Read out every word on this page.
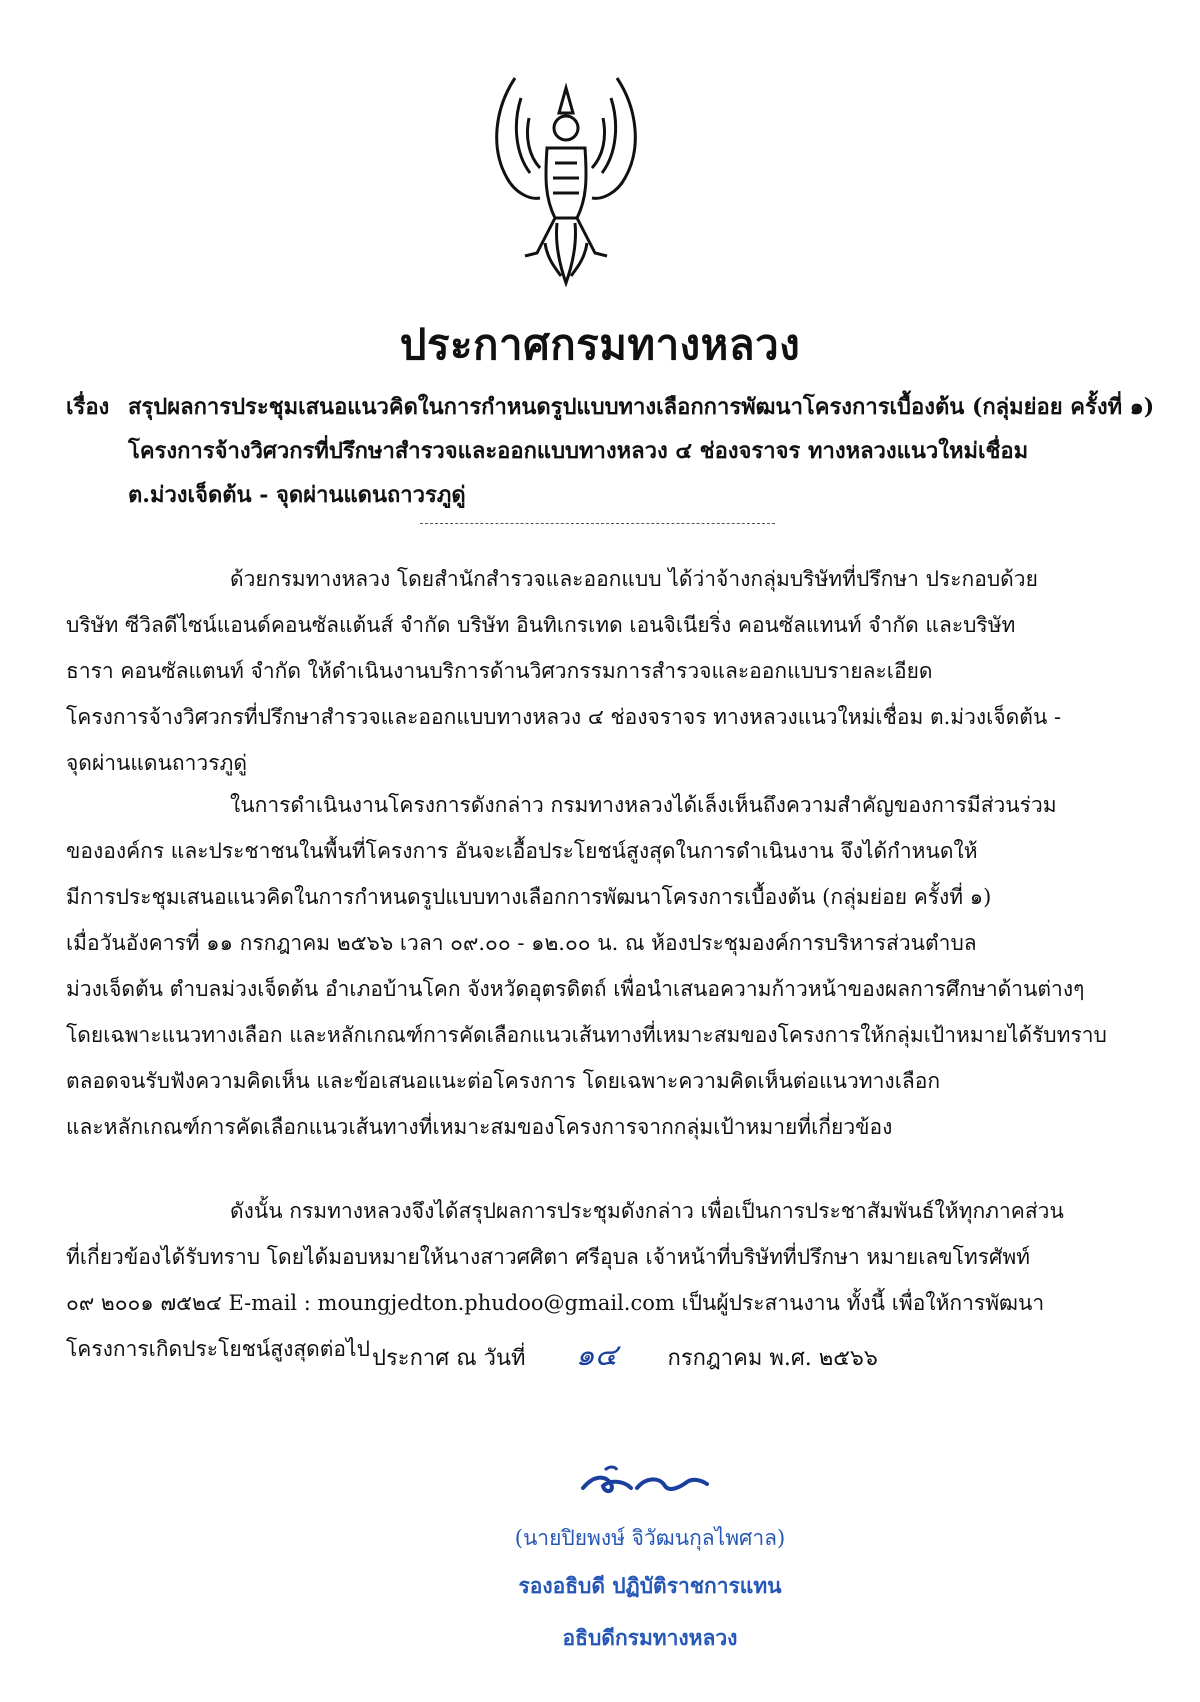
ประกาศกรมทางหลวง
เรื่อง สรุปผลการประชุมเสนอแนวคิดในการกำหนดรูปแบบทางเลือกการพัฒนาโครงการเบื้องต้น (กลุ่มย่อย ครั้งที่ ๑)
โครงการจ้างวิศวกรที่ปรึกษาสำรวจและออกแบบทางหลวง ๔ ช่องจราจร ทางหลวงแนวใหม่เชื่อม
ต.ม่วงเจ็ดต้น - จุดผ่านแดนถาวรภูดู่
ด้วยกรมทางหลวง โดยสำนักสำรวจและออกแบบ ได้ว่าจ้างกลุ่มบริษัทที่ปรึกษา ประกอบด้วย
บริษัท ซีวิลดีไซน์แอนด์คอนซัลแต้นส์ จำกัด บริษัท อินทิเกรเทด เอนจิเนียริ่ง คอนซัลแทนท์ จำกัด และบริษัท
ธารา คอนซัลแตนท์ จำกัด ให้ดำเนินงานบริการด้านวิศวกรรมการสำรวจและออกแบบรายละเอียด
โครงการจ้างวิศวกรที่ปรึกษาสำรวจและออกแบบทางหลวง ๔ ช่องจราจร ทางหลวงแนวใหม่เชื่อม ต.ม่วงเจ็ดต้น -
จุดผ่านแดนถาวรภูดู่
ในการดำเนินงานโครงการดังกล่าว กรมทางหลวงได้เล็งเห็นถึงความสำคัญของการมีส่วนร่วม
ขององค์กร และประชาชนในพื้นที่โครงการ อันจะเอื้อประโยชน์สูงสุดในการดำเนินงาน จึงได้กำหนดให้
มีการประชุมเสนอแนวคิดในการกำหนดรูปแบบทางเลือกการพัฒนาโครงการเบื้องต้น (กลุ่มย่อย ครั้งที่ ๑)
เมื่อวันอังคารที่ ๑๑ กรกฎาคม ๒๕๖๖ เวลา ๐๙.๐๐ - ๑๒.๐๐ น. ณ ห้องประชุมองค์การบริหารส่วนตำบล
ม่วงเจ็ดต้น ตำบลม่วงเจ็ดต้น อำเภอบ้านโคก จังหวัดอุตรดิตถ์ เพื่อนำเสนอความก้าวหน้าของผลการศึกษาด้านต่างๆ
โดยเฉพาะแนวทางเลือก และหลักเกณฑ์การคัดเลือกแนวเส้นทางที่เหมาะสมของโครงการให้กลุ่มเป้าหมายได้รับทราบ
ตลอดจนรับฟังความคิดเห็น และข้อเสนอแนะต่อโครงการ โดยเฉพาะความคิดเห็นต่อแนวทางเลือก
และหลักเกณฑ์การคัดเลือกแนวเส้นทางที่เหมาะสมของโครงการจากกลุ่มเป้าหมายที่เกี่ยวข้อง
ดังนั้น กรมทางหลวงจึงได้สรุปผลการประชุมดังกล่าว เพื่อเป็นการประชาสัมพันธ์ให้ทุกภาคส่วน
ที่เกี่ยวข้องได้รับทราบ โดยได้มอบหมายให้นางสาวศศิตา ศรีอุบล เจ้าหน้าที่บริษัทที่ปรึกษา หมายเลขโทรศัพท์
๐๙ ๒๐๐๑ ๗๕๒๔ E-mail : moungjedton.phudoo@gmail.com เป็นผู้ประสานงาน ทั้งนี้ เพื่อให้การพัฒนา
โครงการเกิดประโยชน์สูงสุดต่อไป ประกาศ ณ วันที่ ๑๔ กรกฎาคม พ.ศ. ๒๕๖๖
(นายปิยพงษ์ จิวัฒนกุลไพศาล)
รองอธิบดี ปฏิบัติราชการแทน
อธิบดีกรมทางหลวง
